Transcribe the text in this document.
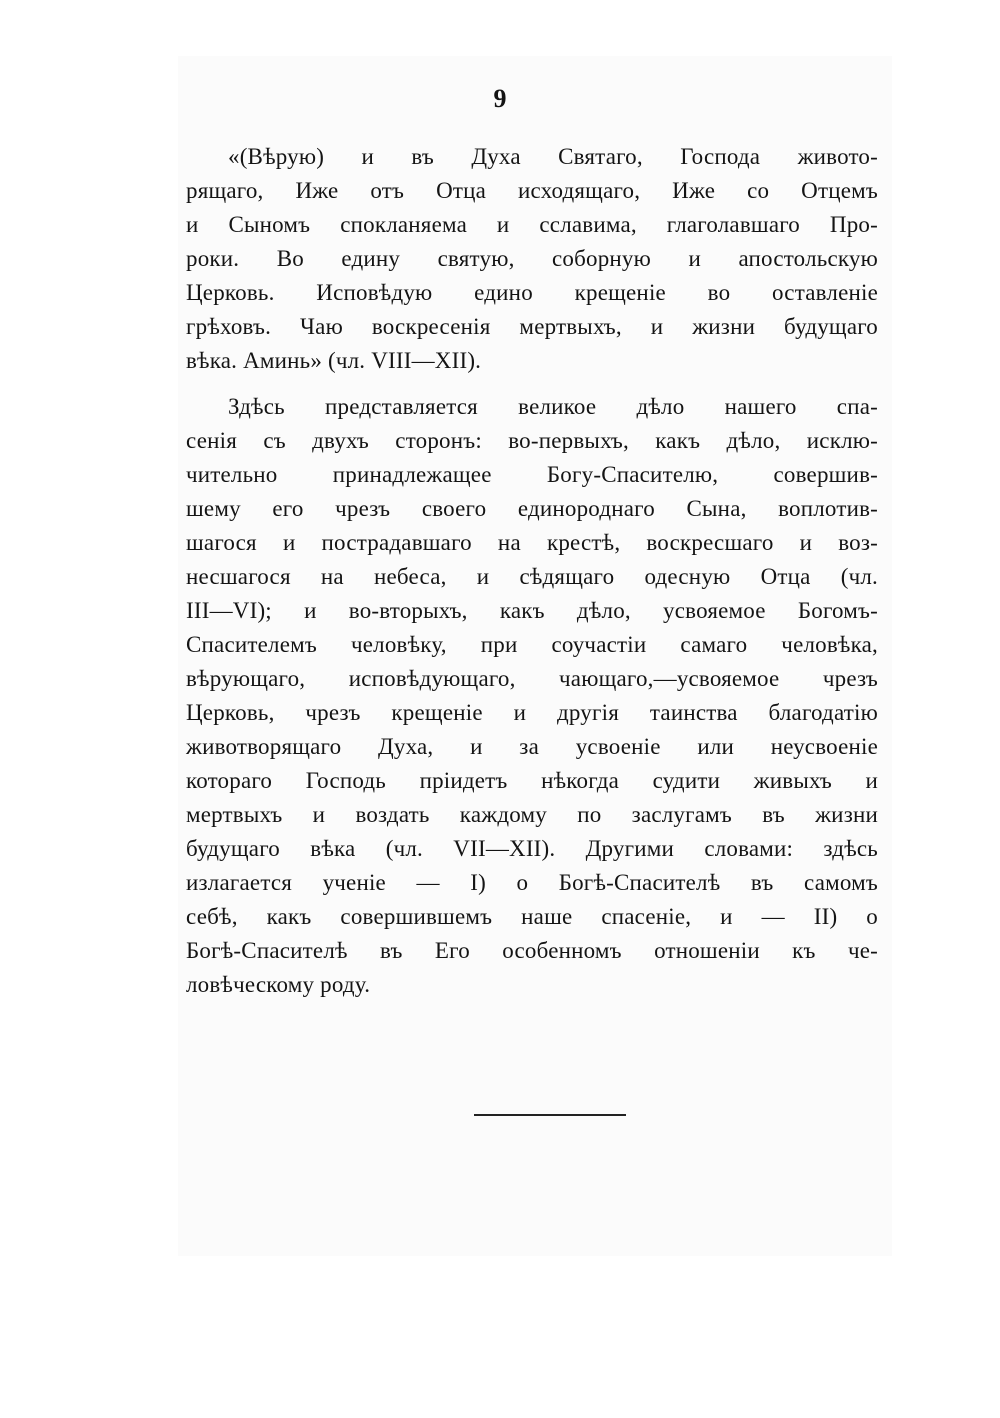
9
«(Вѣрую) и въ Духа Святаго, Господа живото-
рящаго, Иже отъ Отца исходящаго, Иже со Отцемъ
и Сыномъ спокланяема и сславима, глаголавшаго Про-
роки. Во едину святую, соборную и апостольскую
Церковь. Исповѣдую едино крещеніе во оставленіе
грѣховъ. Чаю воскресенія мертвыхъ, и жизни будущаго
вѣка. Аминь» (чл. VIII—XII).
Здѣсь представляется великое дѣло нашего спа-
сенія съ двухъ сторонъ: во-первыхъ, какъ дѣло, исклю-
чительно принадлежащее Богу-Спасителю, совершив-
шему его чрезъ своего единороднаго Сына, воплотив-
шагося и пострадавшаго на крестѣ, воскресшаго и воз-
несшагося на небеса, и сѣдящаго одесную Отца (чл.
III—VI); и во-вторыхъ, какъ дѣло, усвояемое Богомъ-
Спасителемъ человѣку, при соучастіи самаго человѣка,
вѣрующаго, исповѣдующаго, чающаго,—усвояемое чрезъ
Церковь, чрезъ крещеніе и другія таинства благодатію
животворящаго Духа, и за усвоеніе или неусвоеніе
котораго Господь пріидетъ нѣкогда судити живыхъ и
мертвыхъ и воздать каждому по заслугамъ въ жизни
будущаго вѣка (чл. VII—XII). Другими словами: здѣсь
излагается ученіе — I) о Богѣ-Спасителѣ въ самомъ
себѣ, какъ совершившемъ наше спасеніе, и — II) о
Богѣ-Спасителѣ въ Его особенномъ отношеніи къ че-
ловѣческому роду.
